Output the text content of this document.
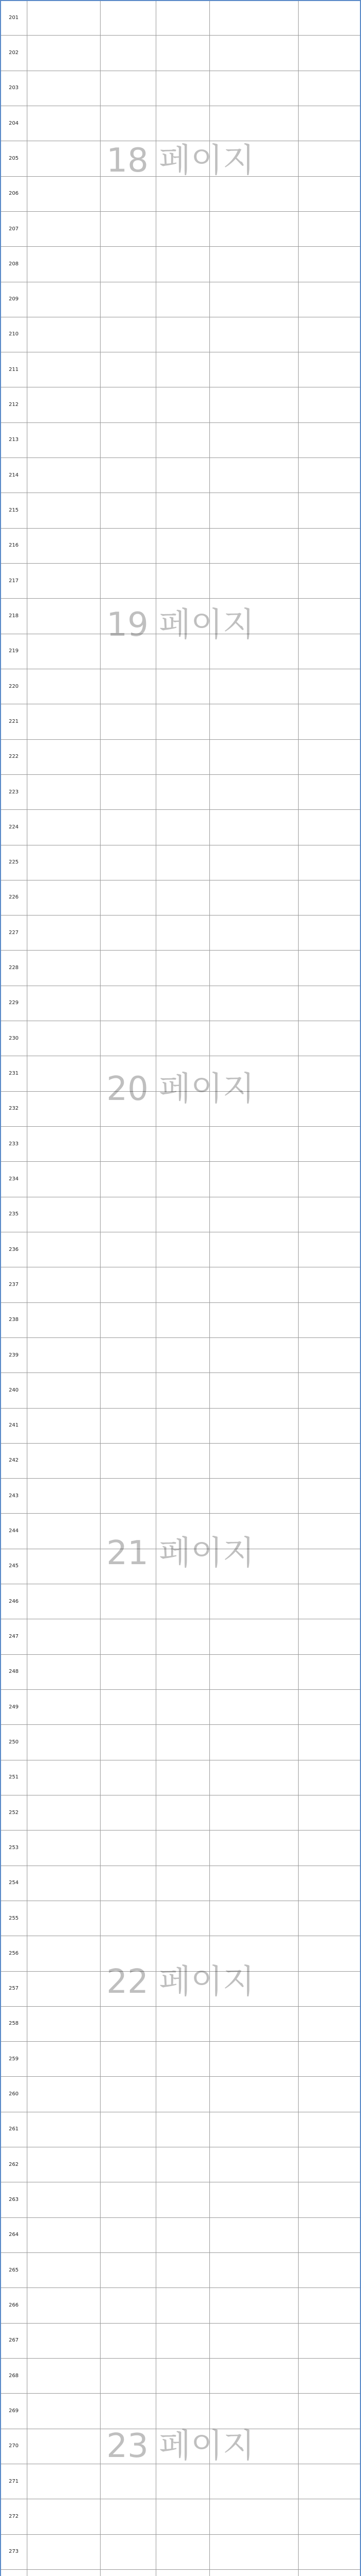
201					
202					
203					
204					
205					
206					
207					
208					
209					
210					
211					
212					
213					
214					
215					
216					
217					
218					
219					
220					
221					
222					
223					
224					
225					
226					
227					
228					
229					
230					
231					
232					
233					
234					
235					
236					
237					
238					
239					
240					
241					
242					
243					
244					
245					
246					
247					
248					
249					
250					
251					
252					
253					
254					
255					
256					
257					
258					
259					
260					
261					
262					
263					
264					
265					
266					
267					
268					
269					
270					
271					
272					
273					

18 페이지
19 페이지
20 페이지
21 페이지
22 페이지
23 페이지
